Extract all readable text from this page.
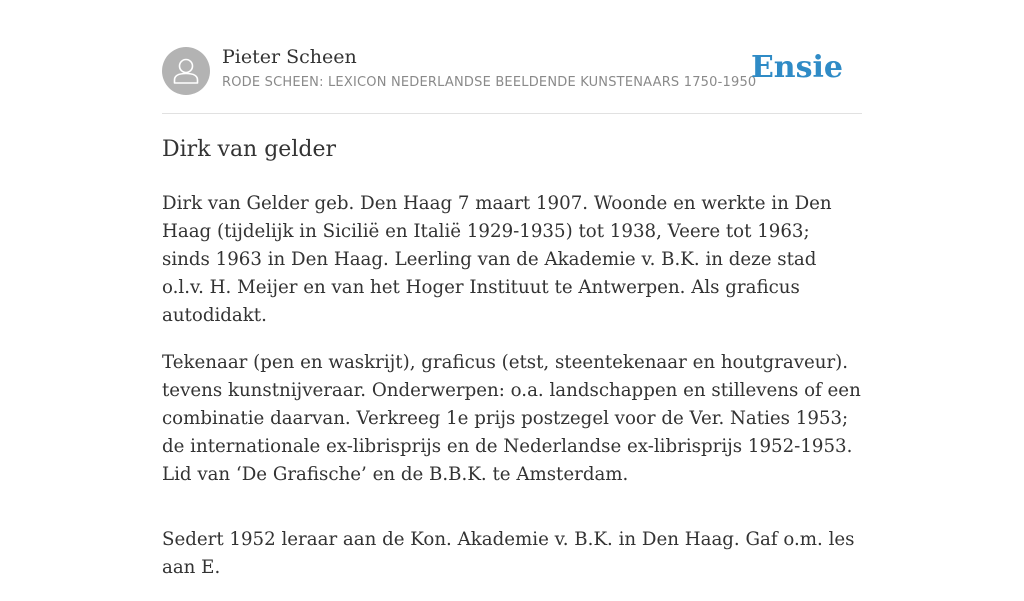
Pieter Scheen
RODE SCHEEN: LEXICON NEDERLANDSE BEELDENDE KUNSTENAARS 1750-1950
Ensie
Dirk van gelder

Dirk van Gelder geb. Den Haag 7 maart 1907. Woonde en werkte in Den Haag (tijdelijk in Sicilië en Italië 1929-1935) tot 1938, Veere tot 1963; sinds 1963 in Den Haag. Leerling van de Akademie v. B.K. in deze stad o.l.v. H. Meijer en van het Hoger Instituut te Antwerpen. Als graficus autodidakt.

Tekenaar (pen en waskrijt), graficus (etst, steentekenaar en houtgraveur). tevens kunstnijveraar. Onderwerpen: o.a. landschappen en stillevens of een combinatie daarvan. Verkreeg 1e prijs postzegel voor de Ver. Naties 1953; de internationale ex-librisprijs en de Nederlandse ex-librisprijs 1952-1953. Lid van ‘De Grafische’ en de B.B.K. te Amsterdam.

Sedert 1952 leraar aan de Kon. Akademie v. B.K. in Den Haag. Gaf o.m. les aan E.
